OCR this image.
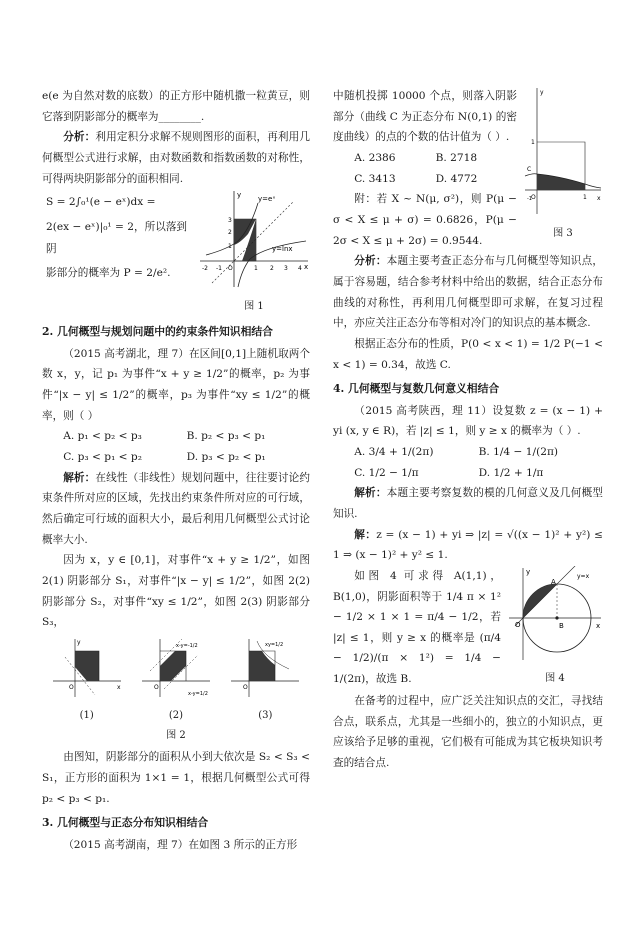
e(e 为自然对数的底数）的正方形中随机撒一粒黄豆，则它落到阴影部分的概率为________.

分析：利用定积分求解不规则图形的面积，再利用几何概型公式进行求解，由对数函数和指数函数的对称性，可得两块阴影部分的面积相同.

y=eˣ
y=lnx
x
y
-2 -1 O	1 2 3 4
1
2
3
图 1
S = 2∫₀¹(e − eˣ)dx =
2(ex − eˣ)|₀¹ = 2，所以落到阴
影部分的概率为 P = 2/e².
2. 几何概型与规划问题中的约束条件知识相结合

（2015 高考湖北，理 7）在区间[0,1]上随机取两个数 x，y，记 p₁ 为事件“x + y ≥ 1/2”的概率，p₂ 为事件“|x − y| ≤ 1/2”的概率，p₃ 为事件“xy ≤ 1/2”的概率，则（ ）

A. p₁ < p₂ < p₃	B. p₂ < p₃ < p₁
C. p₃ < p₁ < p₂	D. p₃ < p₂ < p₁

解析：在线性（非线性）规划问题中，往往要讨论约束条件所对应的区域，先找出约束条件所对应的可行域，然后确定可行域的面积大小，最后利用几何概型公式讨论概率大小.

因为 x，y ∈ [0,1]，对事件“x + y ≥ 1/2”，如图 2(1) 阴影部分 S₁，对事件“|x − y| ≤ 1/2”，如图 2(2) 阴影部分 S₂，对事件“xy ≤ 1/2”，如图 2(3) 阴影部分 S₃，

x
y
O
(1)
x-y=-1/2
x-y=1/2
O
(2)
xy=1/2
O
(3)
图 2

由图知，阴影部分的面积从小到大依次是 S₂ < S₃ < S₁，正方形的面积为 1×1 = 1，根据几何概型公式可得 p₂ < p₃ < p₁.

3. 几何概型与正态分布知识相结合

（2015 高考湖南，理 7）在如图 3 所示的正方形

x
y
O	1
1
-1
C
图 3

中随机投掷 10000 个点，则落入阴影部分（曲线 C 为正态分布 N(0,1) 的密度曲线）的点的个数的估计值为（ ）.

A. 2386	B. 2718
C. 3413	D. 4772

附：若 X ~ N(μ, σ²)，则 P(μ − σ < X ≤ μ + σ) = 0.6826，P(μ − 2σ < X ≤ μ + 2σ) = 0.9544.

分析：本题主要考查正态分布与几何概型等知识点，属于容易题，结合参考材料中给出的数据，结合正态分布曲线的对称性，再利用几何概型即可求解，在复习过程中，亦应关注正态分布等相对冷门的知识点的基本概念.

根据正态分布的性质，P(0 < x < 1) = 1/2 P(−1 < x < 1) = 0.34，故选 C.

4. 几何概型与复数几何意义相结合

（2015 高考陕西，理 11）设复数 z = (x − 1) + yi (x, y ∈ R)，若 |z| ≤ 1，则 y ≥ x 的概率为（ ）.

A. 3/4 + 1/(2π)	B. 1/4 − 1/(2π)
C. 1/2 − 1/π	D. 1/2 + 1/π

解析：本题主要考察复数的模的几何意义及几何概型知识.

解：z = (x − 1) + yi ⇒ |z| = √((x − 1)² + y²) ≤ 1 ⇒ (x − 1)² + y² ≤ 1.

y=x
A
B
O	x
y
图 4

如图 4 可求得 A(1,1)，B(1,0)，阴影面积等于 1/4 π × 1² − 1/2 × 1 × 1 = π/4 − 1/2，若 |z| ≤ 1，则 y ≥ x 的概率是 (π/4 − 1/2)/(π × 1²) = 1/4 − 1/(2π)，故选 B.

在备考的过程中，应广泛关注知识点的交汇，寻找结合点，联系点，尤其是一些细小的，独立的小知识点，更应该给予足够的重视，它们极有可能成为其它板块知识考查的结合点.
